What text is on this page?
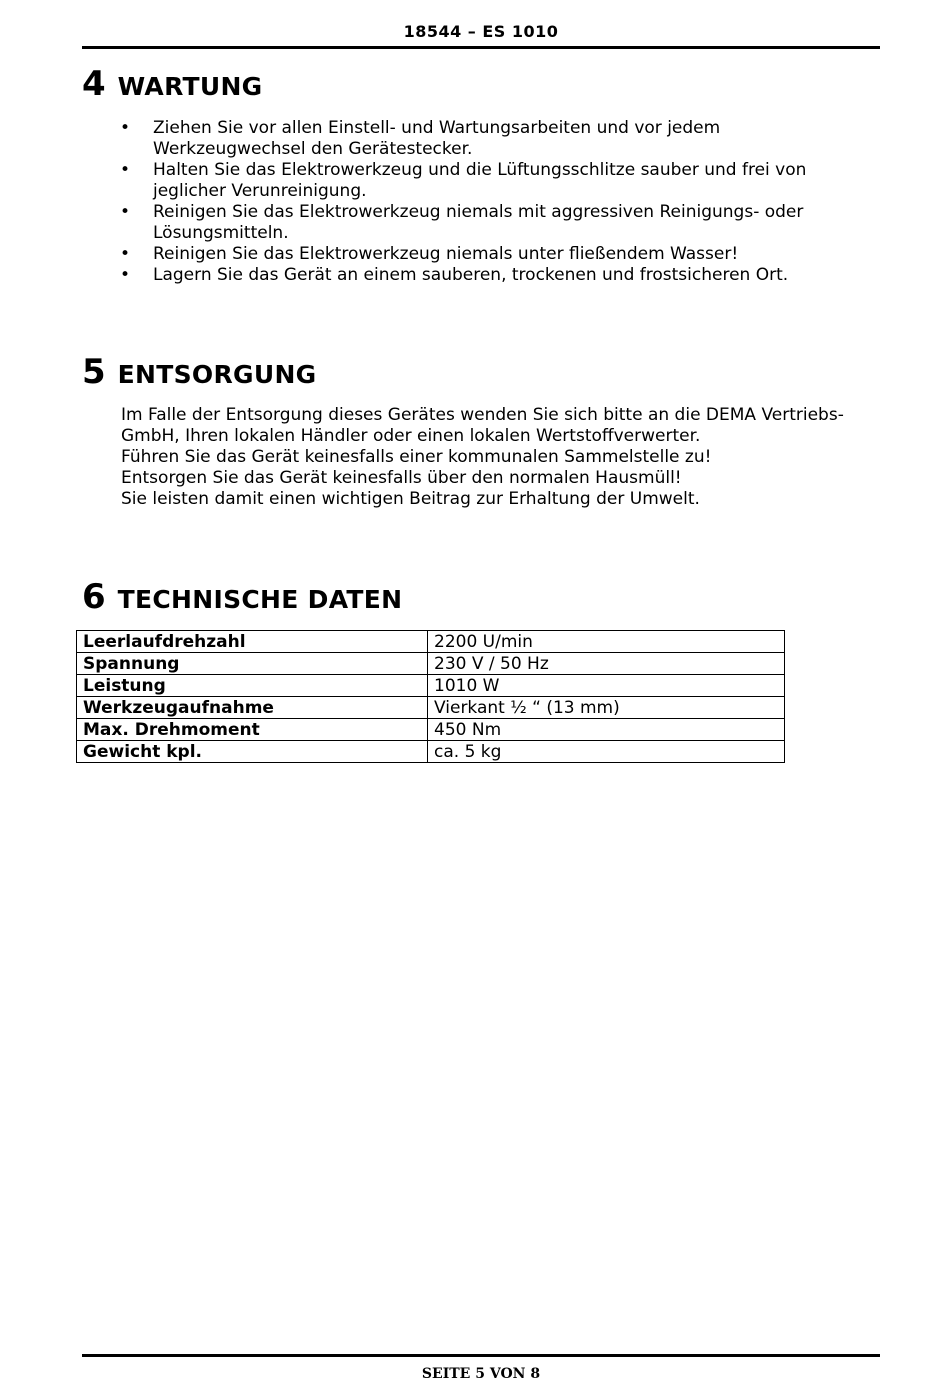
18544 – ES 1010
4 WARTUNG
• Ziehen Sie vor allen Einstell- und Wartungsarbeiten und vor jedem
Werkzeugwechsel den Gerätestecker.
• Halten Sie das Elektrowerkzeug und die Lüftungsschlitze sauber und frei von
jeglicher Verunreinigung.
• Reinigen Sie das Elektrowerkzeug niemals mit aggressiven Reinigungs- oder
Lösungsmitteln.
• Reinigen Sie das Elektrowerkzeug niemals unter fließendem Wasser!
• Lagern Sie das Gerät an einem sauberen, trockenen und frostsicheren Ort.
5 ENTSORGUNG
Im Falle der Entsorgung dieses Gerätes wenden Sie sich bitte an die DEMA Vertriebs-
GmbH, Ihren lokalen Händler oder einen lokalen Wertstoffverwerter.
Führen Sie das Gerät keinesfalls einer kommunalen Sammelstelle zu!
Entsorgen Sie das Gerät keinesfalls über den normalen Hausmüll!
Sie leisten damit einen wichtigen Beitrag zur Erhaltung der Umwelt.
6 TECHNISCHE DATEN
Leerlaufdrehzahl	2200 U/min
Spannung	230 V / 50 Hz
Leistung	1010 W
Werkzeugaufnahme	Vierkant ½ “ (13 mm)
Max. Drehmoment	450 Nm
Gewicht kpl.	ca. 5 kg
SEITE 5 VON 8
